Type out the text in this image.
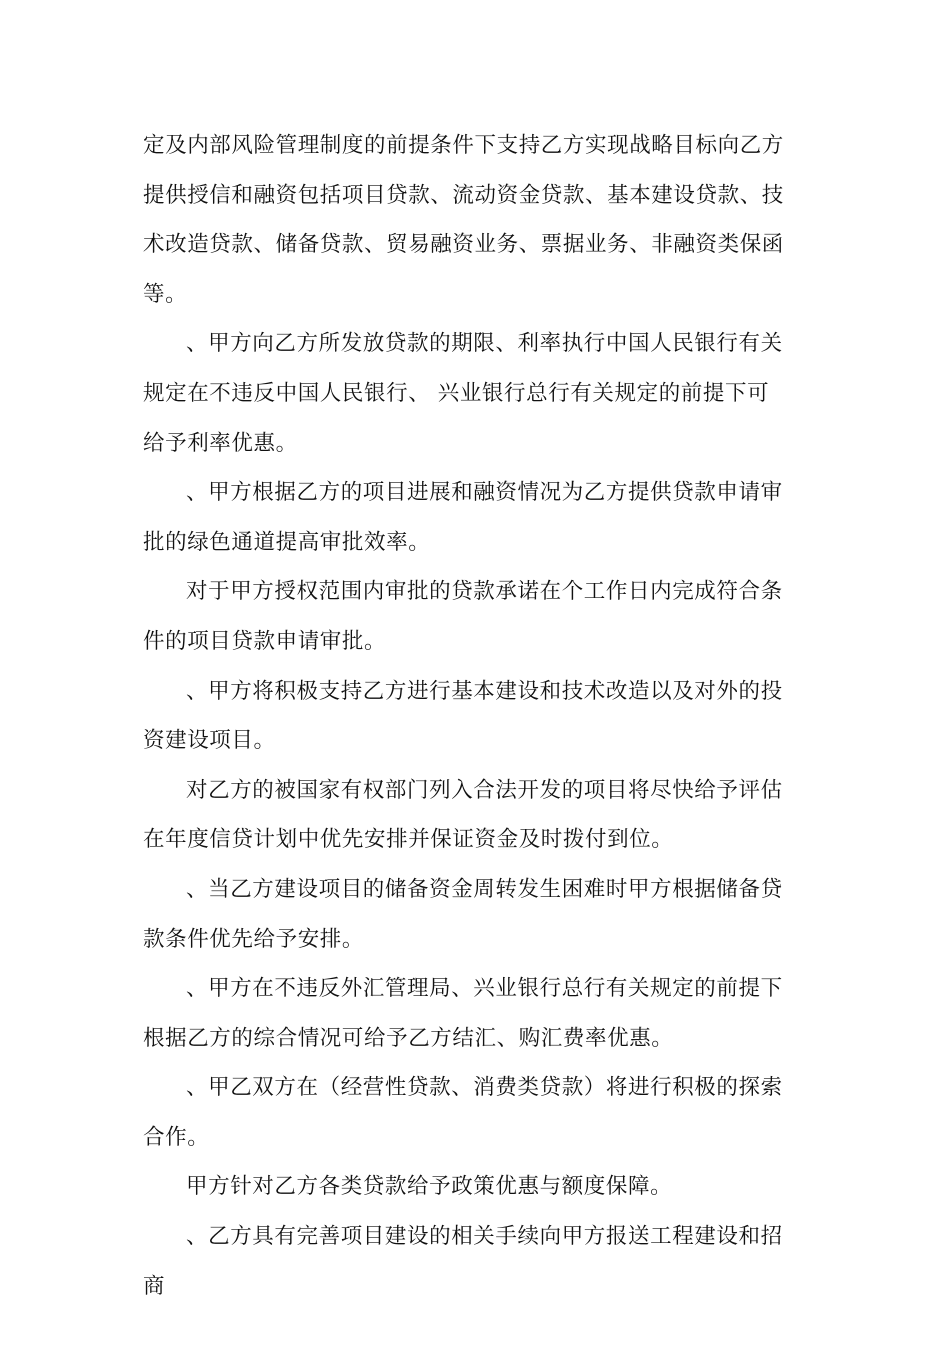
定及内部风险管理制度的前提条件下支持乙方实现战略目标向乙方提供授信和融资包括项目贷款、流动资金贷款、基本建设贷款、技术改造贷款、储备贷款、贸易融资业务、票据业务、非融资类保函等。

、甲方向乙方所发放贷款的期限、利率执行中国人民银行有关规定在不违反中国人民银行、 兴业银行总行有关规定的前提下可给予利率优惠。

、甲方根据乙方的项目进展和融资情况为乙方提供贷款申请审批的绿色通道提高审批效率。

对于甲方授权范围内审批的贷款承诺在个工作日内完成符合条件的项目贷款申请审批。

、甲方将积极支持乙方进行基本建设和技术改造以及对外的投资建设项目。

对乙方的被国家有权部门列入合法开发的项目将尽快给予评估在年度信贷计划中优先安排并保证资金及时拨付到位。

、当乙方建设项目的储备资金周转发生困难时甲方根据储备贷款条件优先给予安排。

、甲方在不违反外汇管理局、兴业银行总行有关规定的前提下根据乙方的综合情况可给予乙方结汇、购汇费率优惠。

、甲乙双方在（经营性贷款、消费类贷款）将进行积极的探索合作。

甲方针对乙方各类贷款给予政策优惠与额度保障。

、乙方具有完善项目建设的相关手续向甲方报送工程建设和招商
